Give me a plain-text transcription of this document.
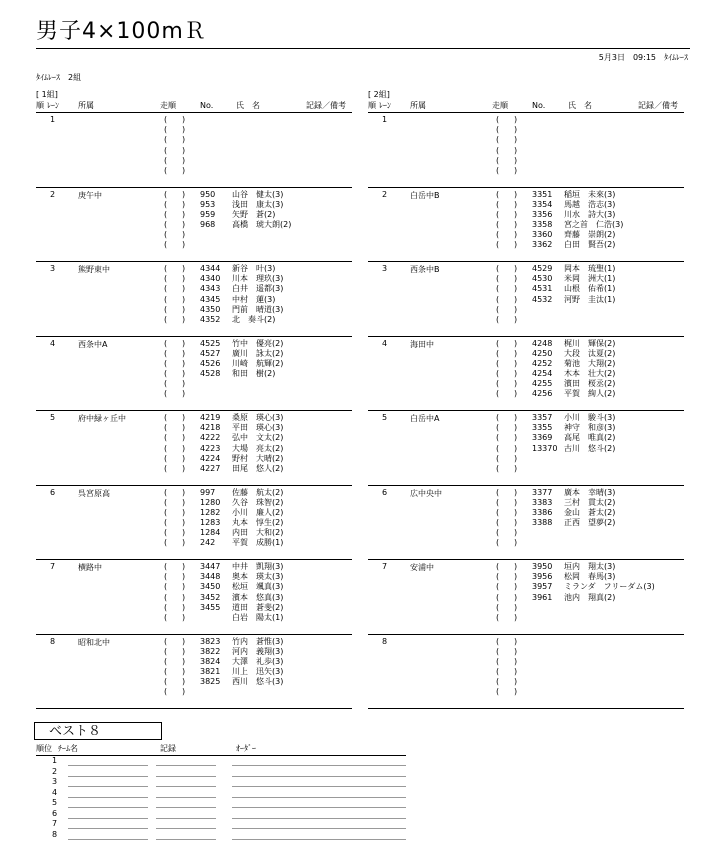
男子4×100mＲ
5月3日　09:15　ﾀｲﾑﾚｰｽ
ﾀｲﾑﾚｰｽ　2組
[ 1組]
順 ﾚｰﾝ 所属	走順	No.	氏　名	記録／備考
1	( )
( )
( )
( )
( )
( )
2	庚午中	( ) 950 山谷　健太(3)
( ) 953 浅田　康太(3)
( ) 959 矢野　蒼(2)
( ) 968 高橋　琥大朗(2)
( )
( )
3	熊野東中	( ) 4344 新谷　叶(3)
( ) 4340 川本　理玖(3)
( ) 4343 白井　遥都(3)
( ) 4345 中村　蓮(3)
( ) 4350 門前　晴道(3)
( ) 4352 北　奏斗(2)
4	西条中A	( ) 4525 竹中　優亮(2)
( ) 4527 廣川　詠太(2)
( ) 4526 川崎　航輝(2)
( ) 4528 和田　樹(2)
( )
( )
5	府中緑ヶ丘中	( ) 4219 桑原　瑛心(3)
( ) 4218 平田　瑛心(3)
( ) 4222 弘中　文太(2)
( ) 4223 大場　亮太(2)
( ) 4224 野村　大晴(2)
( ) 4227 田尾　悠人(2)
6	呉宮原高	( ) 997 佐藤　航太(2)
( ) 1280 久谷　珠智(2)
( ) 1282 小川　廉人(2)
( ) 1283 丸本　惇生(2)
( ) 1284 内田　大和(2)
( ) 242 平賀　成勝(1)
7	横路中	( ) 3447 中井　凱翔(3)
( ) 3448 奥本　瑛太(3)
( ) 3450 松垣　颯真(3)
( ) 3452 濱本　悠真(3)
( ) 3455 道田　蒼斐(2)
( )	白岩　陽太(1)
8	昭和北中	( ) 3823 竹内　蒼惟(3)
( ) 3822 河内　義翔(3)
( ) 3824 大澤　礼歩(3)
( ) 3821 川上　迅矢(3)
( ) 3825 西川　悠斗(3)
( )
[ 2組]
順 ﾚｰﾝ 所属	走順	No.	氏　名	記録／備考
1	( )
( )
( )
( )
( )
( )
2	白岳中B	( ) 3351 稲垣　未來(3)
( ) 3354 馬越　浩志(3)
( ) 3356 川水　詩大(3)
( ) 3358 宮之首　仁浩(3)
( ) 3360 齊藤　崇朗(2)
( ) 3362 白田　賢吾(2)
3	西条中B	( ) 4529 岡本　琉聖(1)
( ) 4530 米岡　洲大(1)
( ) 4531 山根　佑希(1)
( ) 4532 河野　圭汰(1)
( )
( )
4	海田中	( ) 4248 梶川　輝保(2)
( ) 4250 大段　汰夏(2)
( ) 4252 菊池　大翔(2)
( ) 4254 木本　壮大(2)
( ) 4255 濱田　桜丞(2)
( ) 4256 平賀　絢人(2)
5	白岳中A	( ) 3357 小川　駿斗(3)
( ) 3355 神守　和彦(3)
( ) 3369 高尾　唯真(2)
( ) 13370 古川　悠斗(2)
( )
( )
6	広中央中	( ) 3377 廣本　幸晴(3)
( ) 3383 三村　貫太(2)
( ) 3386 金山　蒼太(2)
( ) 3388 正西　望夢(2)
( )
( )
7	安浦中	( ) 3950 垣内　翔太(3)
( ) 3956 松岡　春馬(3)
( ) 3957 ミランダ　フリーダム(3)
( ) 3961 池内　翔真(2)
( )
( )
8	( )
( )
( )
( )
( )
( )
ベスト８
順位 ﾁｰﾑ名	記録	ｵｰﾀﾞｰ
1
2
3
4
5
6
7
8
